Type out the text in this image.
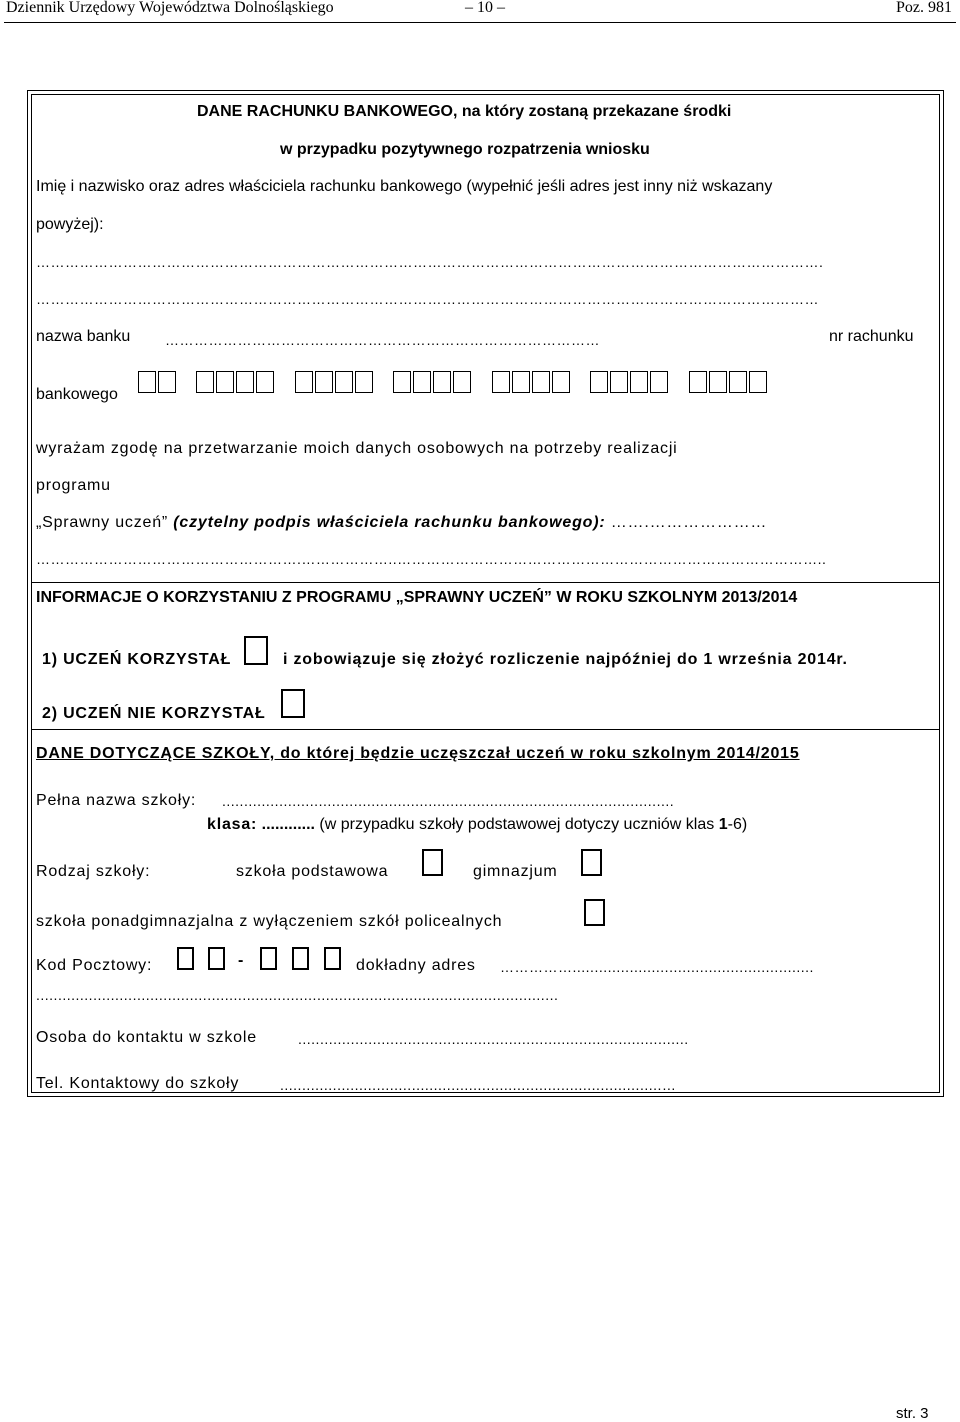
Dziennik Urzędowy Województwa Dolnośląskiego	– 10 –	Poz. 981
DANE RACHUNKU BANKOWEGO, na który zostaną przekazane środki
w przypadku pozytywnego rozpatrzenia wniosku
Imię i nazwisko oraz adres właściciela rachunku bankowego (wypełnić jeśli adres jest inny niż wskazany
powyżej):
……………………………………………………………………………………………………………………………………………….
………………………………………………………………………………………………………………………………………………
nazwa banku ………………………………………………………………………………	nr rachunku
bankowego

wyrażam zgodę na przetwarzanie moich danych osobowych na potrzeby realizacji
programu
„Sprawny uczeń” (czytelny podpis właściciela rachunku bankowego): …….…………………
……………………………………………….………………..……………………………………………………………………………..
INFORMACJE O KORZYSTANIU Z PROGRAMU „SPRAWNY UCZEŃ” W ROKU SZKOLNYM 2013/2014
1) UCZEŃ KORZYSTAŁ	i zobowiązuje się złożyć rozliczenie najpóźniej do 1 września 2014r.
2) UCZEŃ NIE KORZYSTAŁ
DANE DOTYCZĄCE SZKOŁY, do której będzie uczęszczał uczeń w roku szkolnym 2014/2015
Pełna nazwa szkoły: .......................................................................................................
klasa: ............ (w przypadku szkoły podstawowej dotyczy uczniów klas 1-6)
Rodzaj szkoły:	szkoła podstawowa	gimnazjum
szkoła ponadgimnazjalna z wyłączeniem szkół policealnych
Kod Pocztowy:	-	dokładny adres …………….......................................................
.......................................................................................................................
Osoba do kontaktu w szkole	.........................................................................................
Tel. Kontaktowy do szkoły	.......................................................................................…
str. 3
